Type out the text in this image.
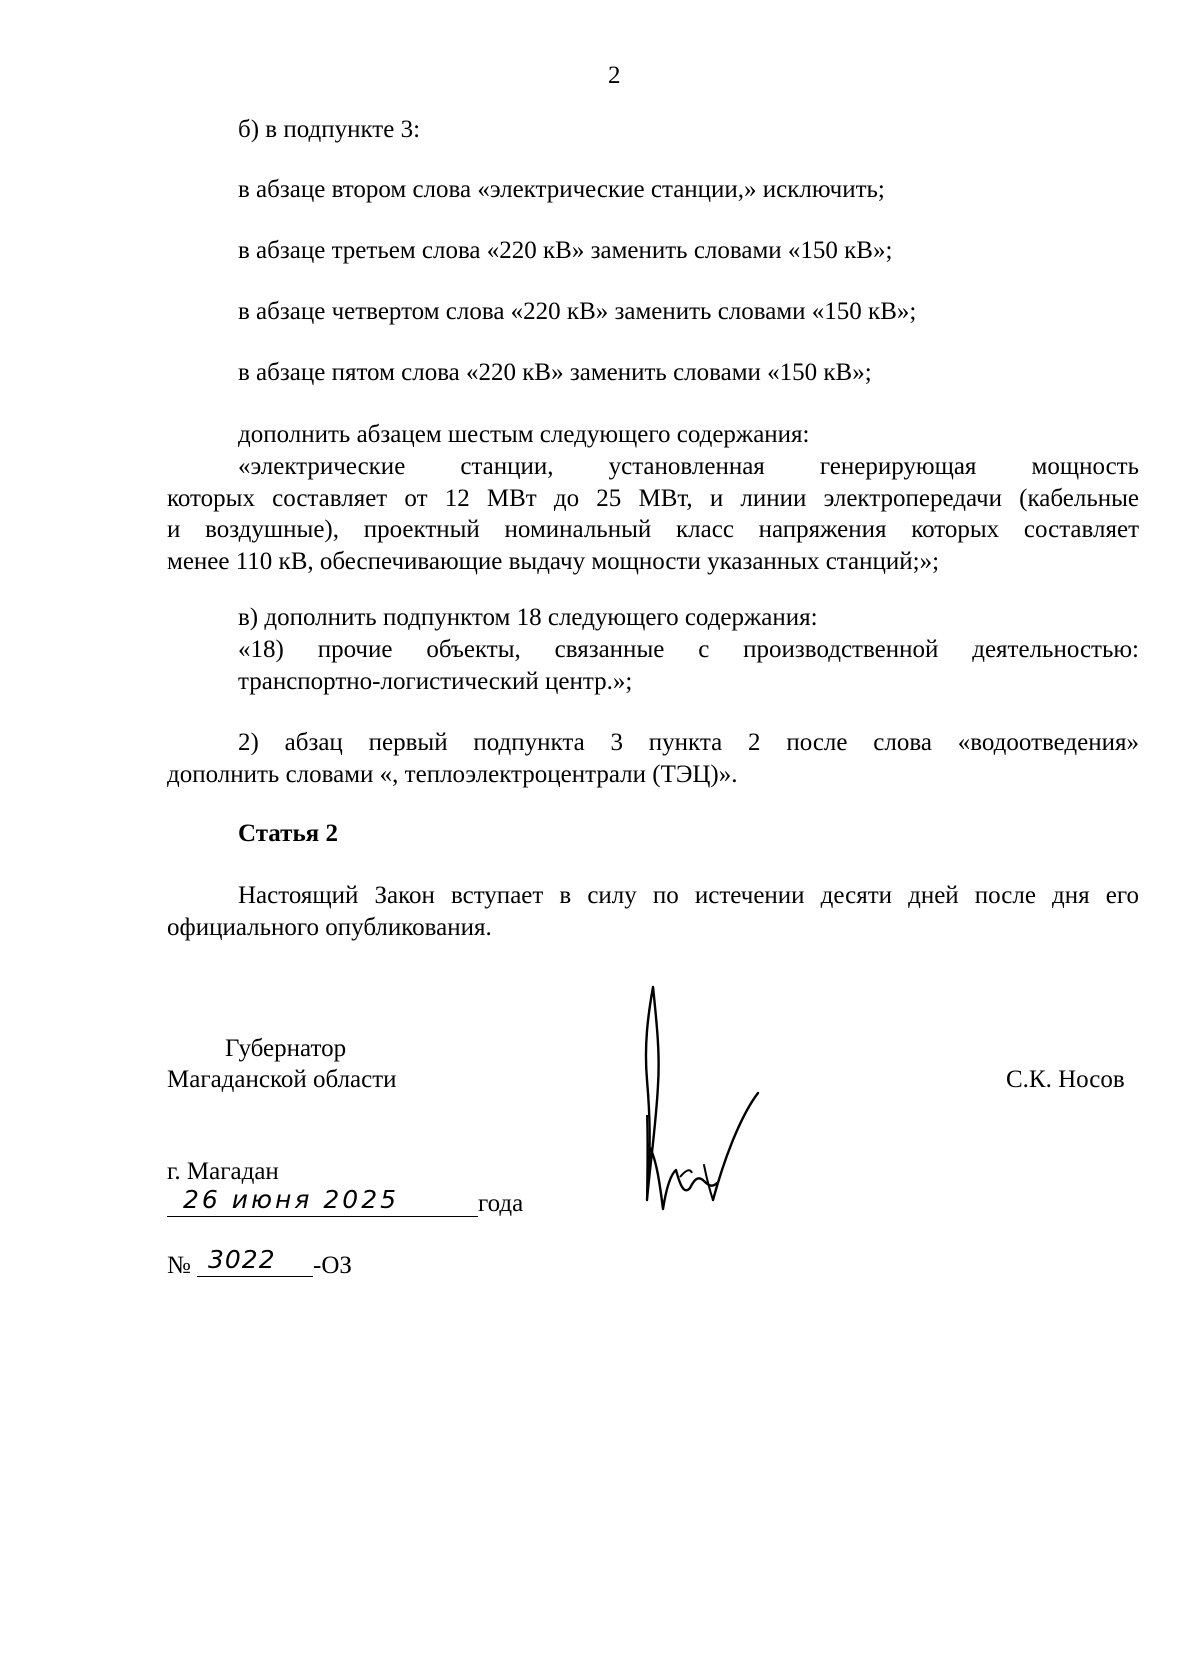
2
б) в подпункте 3:
в абзаце втором слова «электрические станции,» исключить;
в абзаце третьем слова «220 кВ» заменить словами «150 кВ»;
в абзаце четвертом слова «220 кВ» заменить словами «150 кВ»;
в абзаце пятом слова «220 кВ» заменить словами «150 кВ»;
дополнить абзацем шестым следующего содержания:
«электрические станции, установленная генерирующая мощность
которых составляет от 12 МВт до 25 МВт, и линии электропередачи (кабельные
и воздушные), проектный номинальный класс напряжения которых составляет
менее 110 кВ, обеспечивающие выдачу мощности указанных станций;»;
в) дополнить подпунктом 18 следующего содержания:
«18) прочие объекты, связанные с производственной деятельностью:
транспортно-логистический центр.»;
2) абзац первый подпункта 3 пункта 2 после слова «водоотведения»
дополнить словами «, теплоэлектроцентрали (ТЭЦ)».
Статья 2
Настоящий Закон вступает в силу по истечении десяти дней после дня его
официального опубликования.
Губернатор
Магаданской области	С.К. Носов
г. Магадан
26 июня 2025	года
№ 3022 -ОЗ
